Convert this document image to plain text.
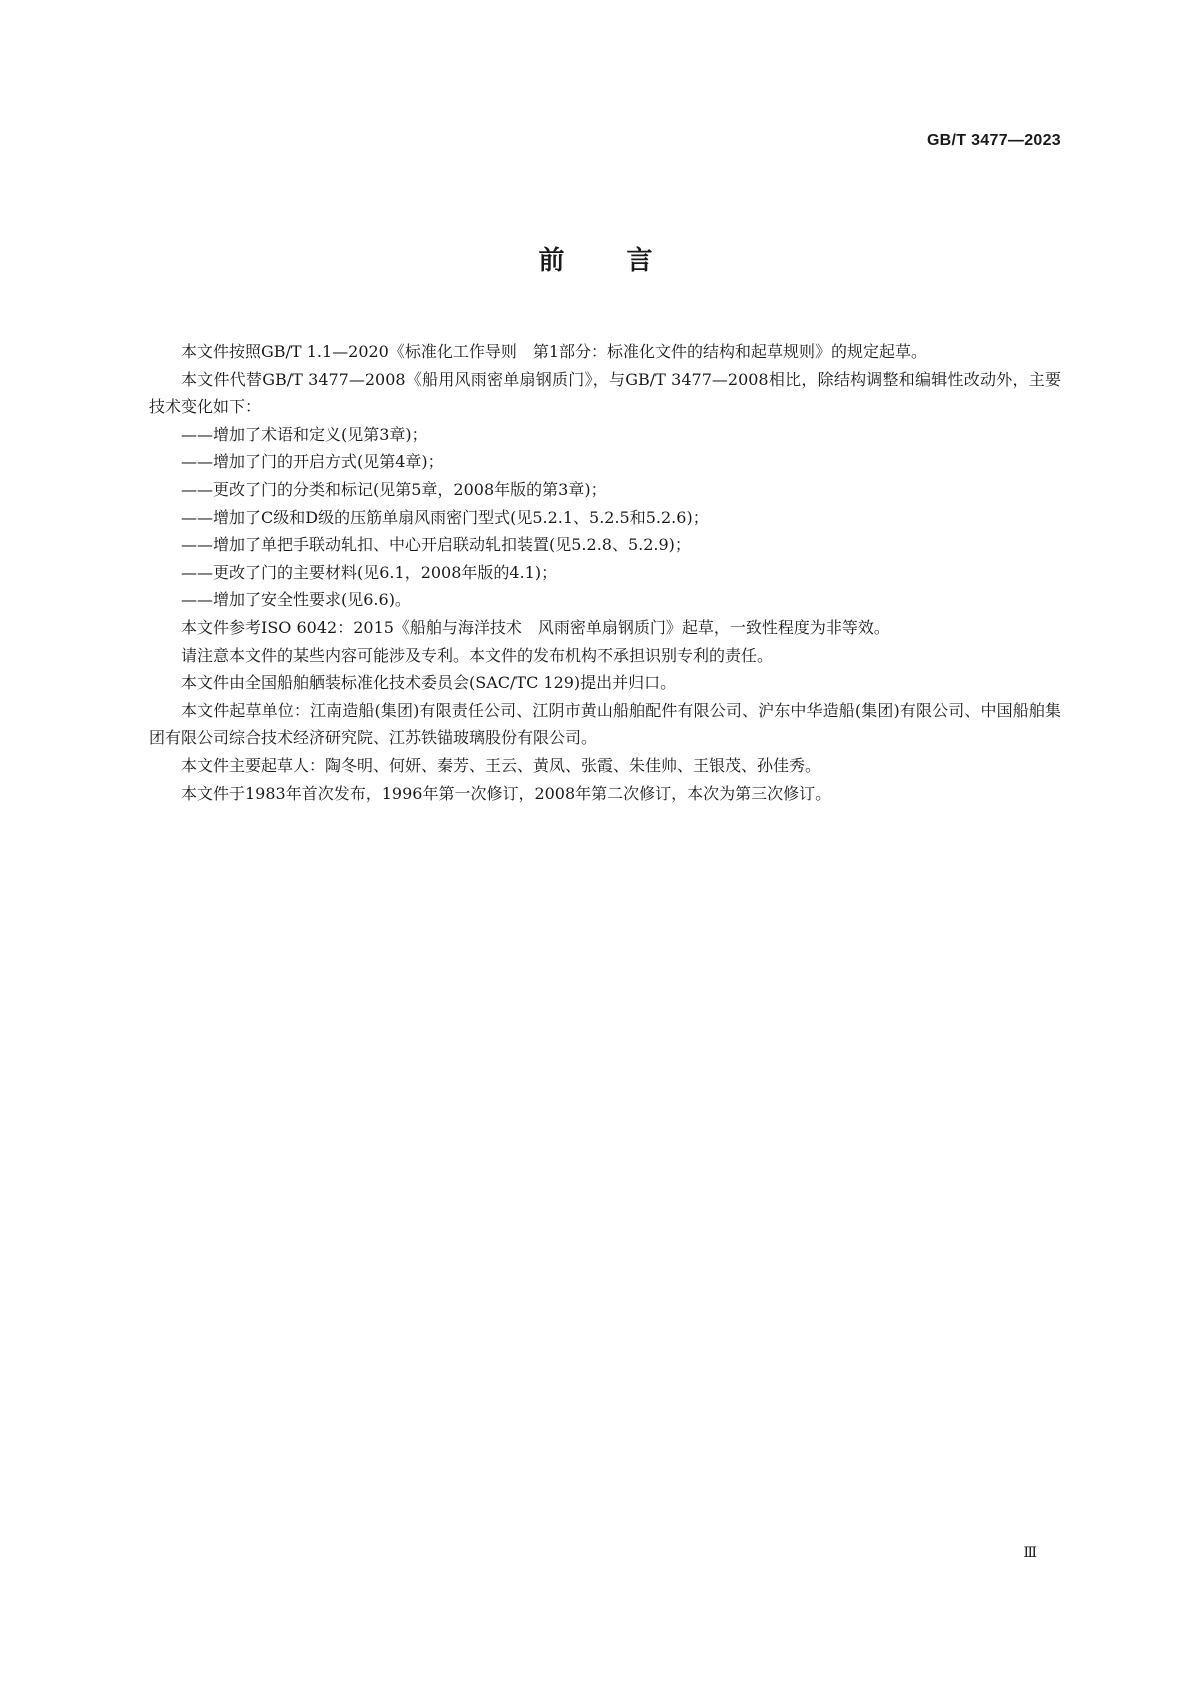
GB/T 3477—2023
前言

本文件按照GB/T 1.1—2020《标准化工作导则　第1部分：标准化文件的结构和起草规则》的规定起草。

本文件代替GB/T 3477—2008《船用风雨密单扇钢质门》，与GB/T 3477—2008相比，除结构调整和编辑性改动外，主要技术变化如下：

——增加了术语和定义(见第3章)；

——增加了门的开启方式(见第4章)；

——更改了门的分类和标记(见第5章，2008年版的第3章)；

——增加了C级和D级的压筋单扇风雨密门型式(见5.2.1、5.2.5和5.2.6)；

——增加了单把手联动轧扣、中心开启联动轧扣装置(见5.2.8、5.2.9)；

——更改了门的主要材料(见6.1，2008年版的4.1)；

——增加了安全性要求(见6.6)。

本文件参考ISO 6042：2015《船舶与海洋技术　风雨密单扇钢质门》起草，一致性程度为非等效。

请注意本文件的某些内容可能涉及专利。本文件的发布机构不承担识别专利的责任。

本文件由全国船舶舾装标准化技术委员会(SAC/TC 129)提出并归口。

本文件起草单位：江南造船(集团)有限责任公司、江阴市黄山船舶配件有限公司、沪东中华造船(集团)有限公司、中国船舶集团有限公司综合技术经济研究院、江苏铁锚玻璃股份有限公司。

本文件主要起草人：陶冬明、何妍、秦芳、王云、黄凤、张霞、朱佳帅、王银茂、孙佳秀。

本文件于1983年首次发布，1996年第一次修订，2008年第二次修订，本次为第三次修订。

Ⅲ
